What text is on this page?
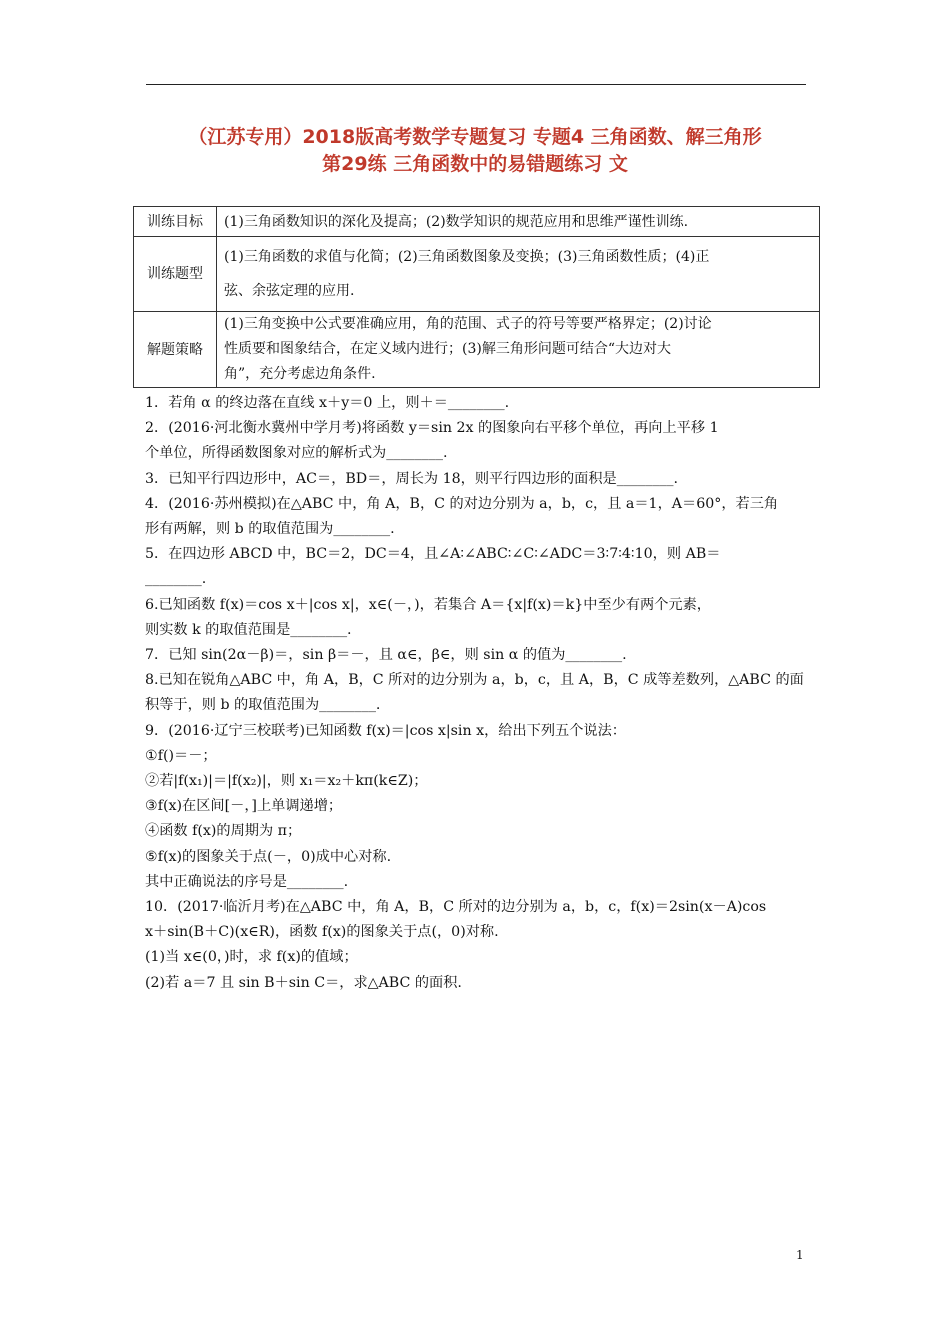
（江苏专用）2018版高考数学专题复习 专题4 三角函数、解三角形
第29练 三角函数中的易错题练习 文
训练目标	(1)三角函数知识的深化及提高；(2)数学知识的规范应用和思维严谨性训练.

训练题型	(1)三角函数的求值与化简；(2)三角函数图象及变换；(3)三角函数性质；(4)正
弦、余弦定理的应用.

解题策略	(1)三角变换中公式要准确应用，角的范围、式子的符号等要严格界定；(2)讨论
性质要和图象结合，在定义域内进行；(3)解三角形问题可结合“大边对大
角”，充分考虑边角条件.
1．若角 α 的终边落在直线 x＋y＝0 上，则＋＝________.
2．(2016·河北衡水冀州中学月考)将函数 y＝sin 2x 的图象向右平移个单位，再向上平移 1
个单位，所得函数图象对应的解析式为________.
3．已知平行四边形中，AC＝，BD＝，周长为 18，则平行四边形的面积是________.
4．(2016·苏州模拟)在△ABC 中，角 A，B，C 的对边分别为 a，b，c，且 a＝1，A＝60°，若三角
形有两解，则 b 的取值范围为________.
5．在四边形 ABCD 中，BC＝2，DC＝4，且∠A∶∠ABC∶∠C∶∠ADC＝3∶7∶4∶10，则 AB＝
________.
6.已知函数 f(x)＝cos x＋|cos x|，x∈(－，)，若集合 A＝{x|f(x)＝k}中至少有两个元素，
则实数 k 的取值范围是________.
7．已知 sin(2α－β)＝，sin β＝－，且 α∈，β∈，则 sin α 的值为________.
8.已知在锐角△ABC 中，角 A，B，C 所对的边分别为 a，b，c，且 A，B，C 成等差数列，△ABC 的面
积等于，则 b 的取值范围为________.
9．(2016·辽宁三校联考)已知函数 f(x)＝|cos x|sin x，给出下列五个说法：
①f()＝－；
②若|f(x₁)|＝|f(x₂)|，则 x₁＝x₂＋kπ(k∈Z)；
③f(x)在区间[－，]上单调递增；
④函数 f(x)的周期为 π；
⑤f(x)的图象关于点(－，0)成中心对称.
其中正确说法的序号是________.
10．(2017·临沂月考)在△ABC 中，角 A，B，C 所对的边分别为 a，b，c，f(x)＝2sin(x－A)cos
x＋sin(B＋C)(x∈R)，函数 f(x)的图象关于点(，0)对称.
(1)当 x∈(0，)时，求 f(x)的值域；
(2)若 a＝7 且 sin B＋sin C＝，求△ABC 的面积.
1
